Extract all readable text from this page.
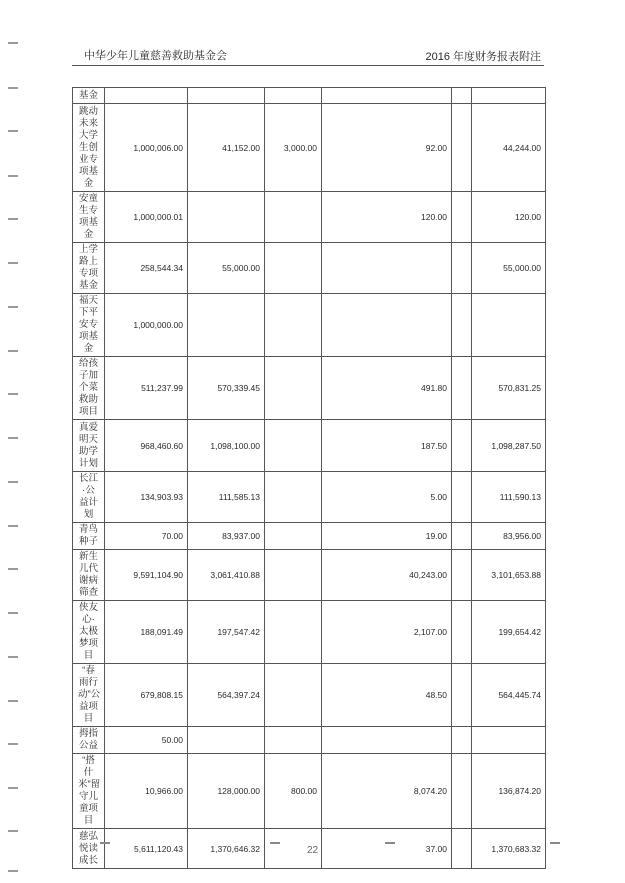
中华少年儿童慈善救助基金会	2016 年度财务报表附注
基金						
跳动未来大学生创业专项基金	1,000,006.00	41,152.00	3,000.00	92.00		44,244.00
安童生专项基金	1,000,000.01			120.00		120.00
上学路上专项基金	258,544.34	55,000.00				55,000.00
福天下平安专项基金	1,000,000.00					
给孩子加个菜救助项目	511,237.99	570,339.45		491.80		570,831.25
真爱明天助学计划	968,460.60	1,098,100.00		187.50		1,098,287.50
长江·公益计划	134,903.93	111,585.13		5.00		111,590.13
青鸟种子	70.00	83,937.00		19.00		83,956.00
新生儿代谢病筛查	9,591,104.90	3,061,410.88		40,243.00		3,101,653.88
侠友心·太极梦项目	188,091.49	197,547.42		2,107.00		199,654.42
“春雨行动”公益项目	679,808.15	564,397.24		48.50		564,445.74
拇指公益	50.00					
“搭什米”留守儿童项目	10,966.00	128,000.00	800.00	8,074.20		136,874.20
慈弘悦读成长	5,611,120.43	1,370,646.32		37.00		1,370,683.32
22
